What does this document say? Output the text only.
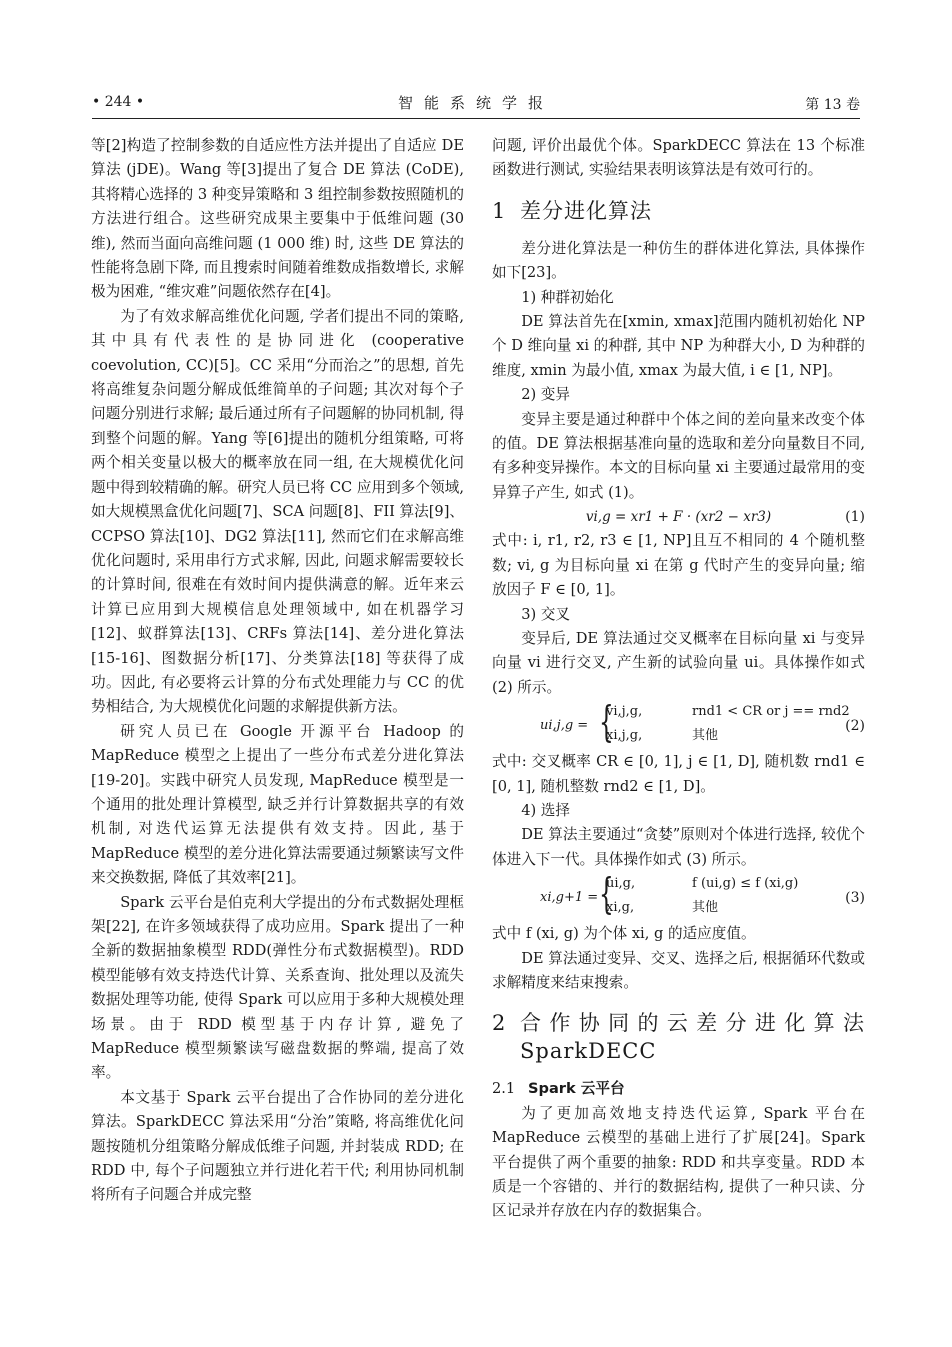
• 244 •	智能系统学报	第 13 卷

等[2]构造了控制参数的自适应性方法并提出了自适应 DE 算法 (jDE)。Wang 等[3]提出了复合 DE 算法 (CoDE), 其将精心选择的 3 种变异策略和 3 组控制参数按照随机的方法进行组合。这些研究成果主要集中于低维问题 (30 维), 然而当面向高维问题 (1 000 维) 时, 这些 DE 算法的性能将急剧下降, 而且搜索时间随着维数成指数增长, 求解极为困难, “维灾难”问题依然存在[4]。

为了有效求解高维优化问题, 学者们提出不同的策略, 其中具有代表性的是协同进化 (cooperative coevolution, CC)[5]。CC 采用“分而治之”的思想, 首先将高维复杂问题分解成低维简单的子问题; 其次对每个子问题分别进行求解; 最后通过所有子问题解的协同机制, 得到整个问题的解。Yang 等[6]提出的随机分组策略, 可将两个相关变量以极大的概率放在同一组, 在大规模优化问题中得到较精确的解。研究人员已将 CC 应用到多个领域, 如大规模黑盒优化问题[7]、SCA 问题[8]、FII 算法[9]、CCPSO 算法[10]、DG2 算法[11], 然而它们在求解高维优化问题时, 采用串行方式求解, 因此, 问题求解需要较长的计算时间, 很难在有效时间内提供满意的解。近年来云计算已应用到大规模信息处理领域中, 如在机器学习[12]、蚁群算法[13]、CRFs 算法[14]、差分进化算法[15-16]、图数据分析[17]、分类算法[18] 等获得了成功。因此, 有必要将云计算的分布式处理能力与 CC 的优势相结合, 为大规模优化问题的求解提供新方法。

研究人员已在 Google 开源平台 Hadoop 的 MapReduce 模型之上提出了一些分布式差分进化算法[19-20]。实践中研究人员发现, MapReduce 模型是一个通用的批处理计算模型, 缺乏并行计算数据共享的有效机制, 对迭代运算无法提供有效支持。因此, 基于 MapReduce 模型的差分进化算法需要通过频繁读写文件来交换数据, 降低了其效率[21]。

Spark 云平台是伯克利大学提出的分布式数据处理框架[22], 在许多领域获得了成功应用。Spark 提出了一种全新的数据抽象模型 RDD(弹性分布式数据模型)。RDD 模型能够有效支持迭代计算、关系查询、批处理以及流失数据处理等功能, 使得 Spark 可以应用于多种大规模处理场景。由于 RDD 模型基于内存计算, 避免了 MapReduce 模型频繁读写磁盘数据的弊端, 提高了效率。

本文基于 Spark 云平台提出了合作协同的差分进化算法。SparkDECC 算法采用“分治”策略, 将高维优化问题按随机分组策略分解成低维子问题, 并封装成 RDD; 在 RDD 中, 每个子问题独立并行进化若干代; 利用协同机制将所有子问题合并成完整

问题, 评价出最优个体。SparkDECC 算法在 13 个标准函数进行测试, 实验结果表明该算法是有效可行的。

1 差分进化算法

差分进化算法是一种仿生的群体进化算法, 具体操作如下[23]。

1) 种群初始化

DE 算法首先在[xmin, xmax]范围内随机初始化 NP 个 D 维向量 xi 的种群, 其中 NP 为种群大小, D 为种群的维度, xmin 为最小值, xmax 为最大值, i ∈ [1, NP]。

2) 变异

变异主要是通过种群中个体之间的差向量来改变个体的值。DE 算法根据基准向量的选取和差分向量数目不同, 有多种变异操作。本文的目标向量 xi 主要通过最常用的变异算子产生, 如式 (1)。

vi,g = xr1 + F · (xr2 − xr3)	(1)

式中: i, r1, r2, r3 ∈ [1, NP]且互不相同的 4 个随机整数; vi, g 为目标向量 xi 在第 g 代时产生的变异向量; 缩放因子 F ∈ [0, 1]。

3) 交叉

变异后, DE 算法通过交叉概率在目标向量 xi 与变异向量 vi 进行交叉, 产生新的试验向量 ui。具体操作如式 (2) 所示。

ui,j,g = {
vi,j,g,	rnd1 < CR or j == rnd2
xi,j,g,	其他
(2)

式中: 交叉概率 CR ∈ [0, 1], j ∈ [1, D], 随机数 rnd1 ∈ [0, 1], 随机整数 rnd2 ∈ [1, D]。

4) 选择

DE 算法主要通过“贪婪”原则对个体进行选择, 较优个体进入下一代。具体操作如式 (3) 所示。

xi,g+1 = {
ui,g,	f (ui,g) ≤ f (xi,g)
xi,g,	其他
(3)

式中 f (xi, g) 为个体 xi, g 的适应度值。

DE 算法通过变异、交叉、选择之后, 根据循环代数或求解精度来结束搜索。

2 合作协同的云差分进化算法 SparkDECC
2.1 Spark 云平台

为了更加高效地支持迭代运算, Spark 平台在 MapReduce 云模型的基础上进行了扩展[24]。Spark 平台提供了两个重要的抽象: RDD 和共享变量。RDD 本质是一个容错的、并行的数据结构, 提供了一种只读、分区记录并存放在内存的数据集合。
